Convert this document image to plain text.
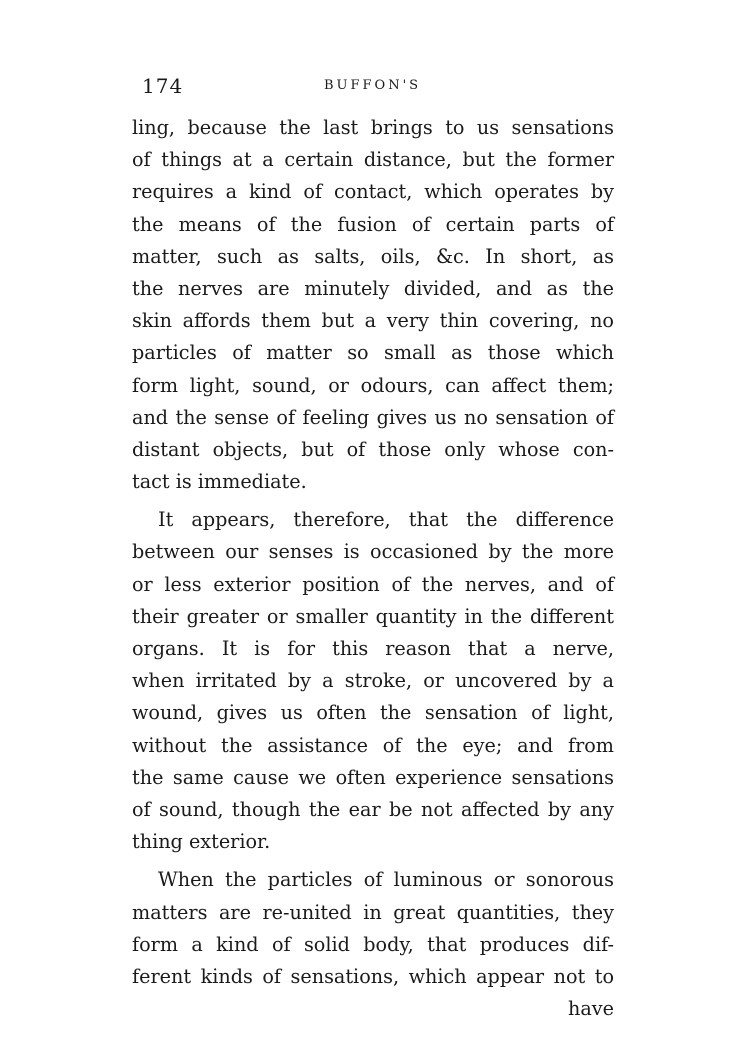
174	BUFFON'S
ling, because the last brings to us sensations
of things at a certain distance, but the former
requires a kind of contact, which operates by
the means of the fusion of certain parts of
matter, such as salts, oils, &c. In short, as
the nerves are minutely divided, and as the
skin affords them but a very thin covering, no
particles of matter so small as those which
form light, sound, or odours, can affect them;
and the sense of feeling gives us no sensation of
distant objects, but of those only whose con-
tact is immediate.
It appears, therefore, that the difference
between our senses is occasioned by the more
or less exterior position of the nerves, and of
their greater or smaller quantity in the different
organs. It is for this reason that a nerve,
when irritated by a stroke, or uncovered by a
wound, gives us often the sensation of light,
without the assistance of the eye; and from
the same cause we often experience sensations
of sound, though the ear be not affected by any
thing exterior.
When the particles of luminous or sonorous
matters are re-united in great quantities, they
form a kind of solid body, that produces dif-
ferent kinds of sensations, which appear not to
have
